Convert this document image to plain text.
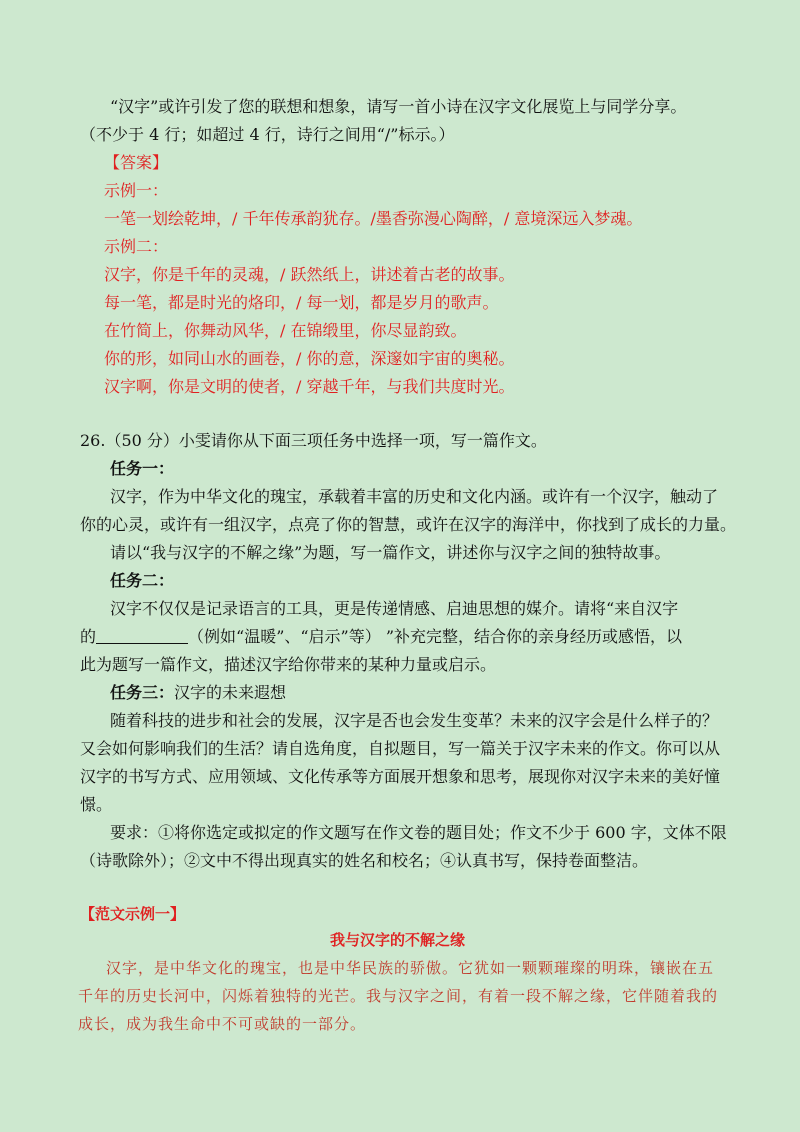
“汉字”或许引发了您的联想和想象，请写一首小诗在汉字文化展览上与同学分享。
（不少于 4 行；如超过 4 行，诗行之间用“/”标示。）
【答案】
示例一：
一笔一划绘乾坤，/ 千年传承韵犹存。/墨香弥漫心陶醉，/ 意境深远入梦魂。
示例二：
汉字，你是千年的灵魂，/ 跃然纸上，讲述着古老的故事。
每一笔，都是时光的烙印，/ 每一划，都是岁月的歌声。
在竹简上，你舞动风华，/ 在锦缎里，你尽显韵致。
你的形，如同山水的画卷，/ 你的意，深邃如宇宙的奥秘。
汉字啊，你是文明的使者，/ 穿越千年，与我们共度时光。
26.（50 分）小雯请你从下面三项任务中选择一项，写一篇作文。
任务一：
汉字，作为中华文化的瑰宝，承载着丰富的历史和文化内涵。或许有一个汉字，触动了
你的心灵，或许有一组汉字，点亮了你的智慧，或许在汉字的海洋中，你找到了成长的力量。
请以“我与汉字的不解之缘”为题，写一篇作文，讲述你与汉字之间的独特故事。
任务二：
汉字不仅仅是记录语言的工具，更是传递情感、启迪思想的媒介。请将“来自汉字
的	（例如“温暖”、“启示”等） ”补充完整，结合你的亲身经历或感悟，以
此为题写一篇作文，描述汉字给你带来的某种力量或启示。
任务三：汉字的未来遐想
随着科技的进步和社会的发展，汉字是否也会发生变革？未来的汉字会是什么样子的？
又会如何影响我们的生活？请自选角度，自拟题目，写一篇关于汉字未来的作文。你可以从
汉字的书写方式、应用领域、文化传承等方面展开想象和思考，展现你对汉字未来的美好憧
憬。
要求：①将你选定或拟定的作文题写在作文卷的题目处；作文不少于 600 字，文体不限
（诗歌除外）；②文中不得出现真实的姓名和校名；④认真书写，保持卷面整洁。
【范文示例一】
我与汉字的不解之缘
汉字，是中华文化的瑰宝，也是中华民族的骄傲。它犹如一颗颗璀璨的明珠，镶嵌在五
千年的历史长河中，闪烁着独特的光芒。我与汉字之间，有着一段不解之缘，它伴随着我的
成长，成为我生命中不可或缺的一部分。
